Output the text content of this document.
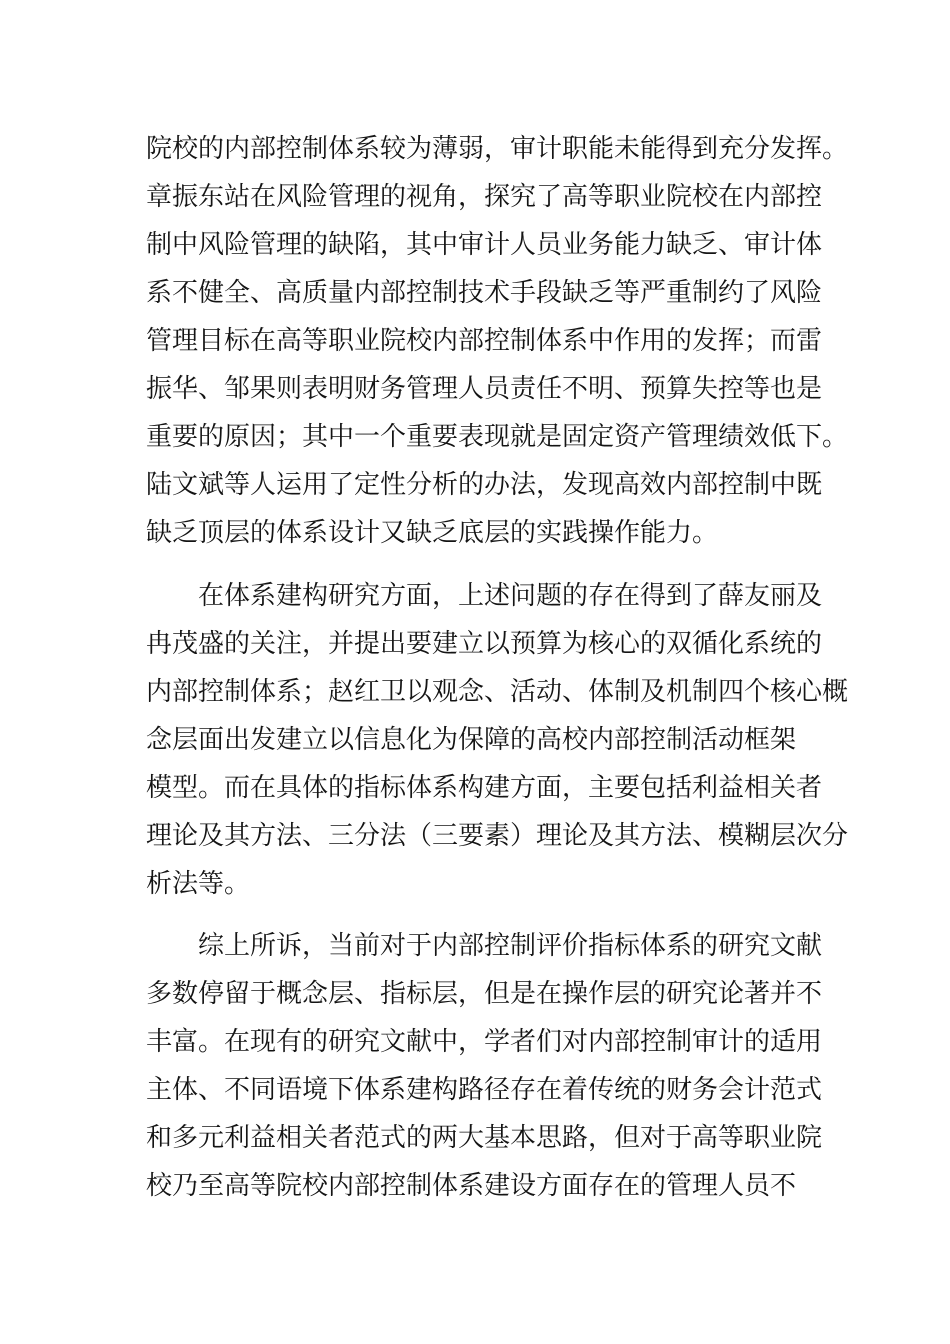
院校的内部控制体系较为薄弱，审计职能未能得到充分发挥。
章振东站在风险管理的视角，探究了高等职业院校在内部控
制中风险管理的缺陷，其中审计人员业务能力缺乏、审计体
系不健全、高质量内部控制技术手段缺乏等严重制约了风险
管理目标在高等职业院校内部控制体系中作用的发挥；而雷
振华、邹果则表明财务管理人员责任不明、预算失控等也是
重要的原因；其中一个重要表现就是固定资产管理绩效低下。
陆文斌等人运用了定性分析的办法，发现高效内部控制中既
缺乏顶层的体系设计又缺乏底层的实践操作能力。
在体系建构研究方面，上述问题的存在得到了薛友丽及
冉茂盛的关注，并提出要建立以预算为核心的双循化系统的
内部控制体系；赵红卫以观念、活动、体制及机制四个核心概
念层面出发建立以信息化为保障的高校内部控制活动框架
模型。而在具体的指标体系构建方面，主要包括利益相关者
理论及其方法、三分法（三要素）理论及其方法、模糊层次分
析法等。
综上所诉，当前对于内部控制评价指标体系的研究文献
多数停留于概念层、指标层，但是在操作层的研究论著并不
丰富。在现有的研究文献中，学者们对内部控制审计的适用
主体、不同语境下体系建构路径存在着传统的财务会计范式
和多元利益相关者范式的两大基本思路，但对于高等职业院
校乃至高等院校内部控制体系建设方面存在的管理人员不
